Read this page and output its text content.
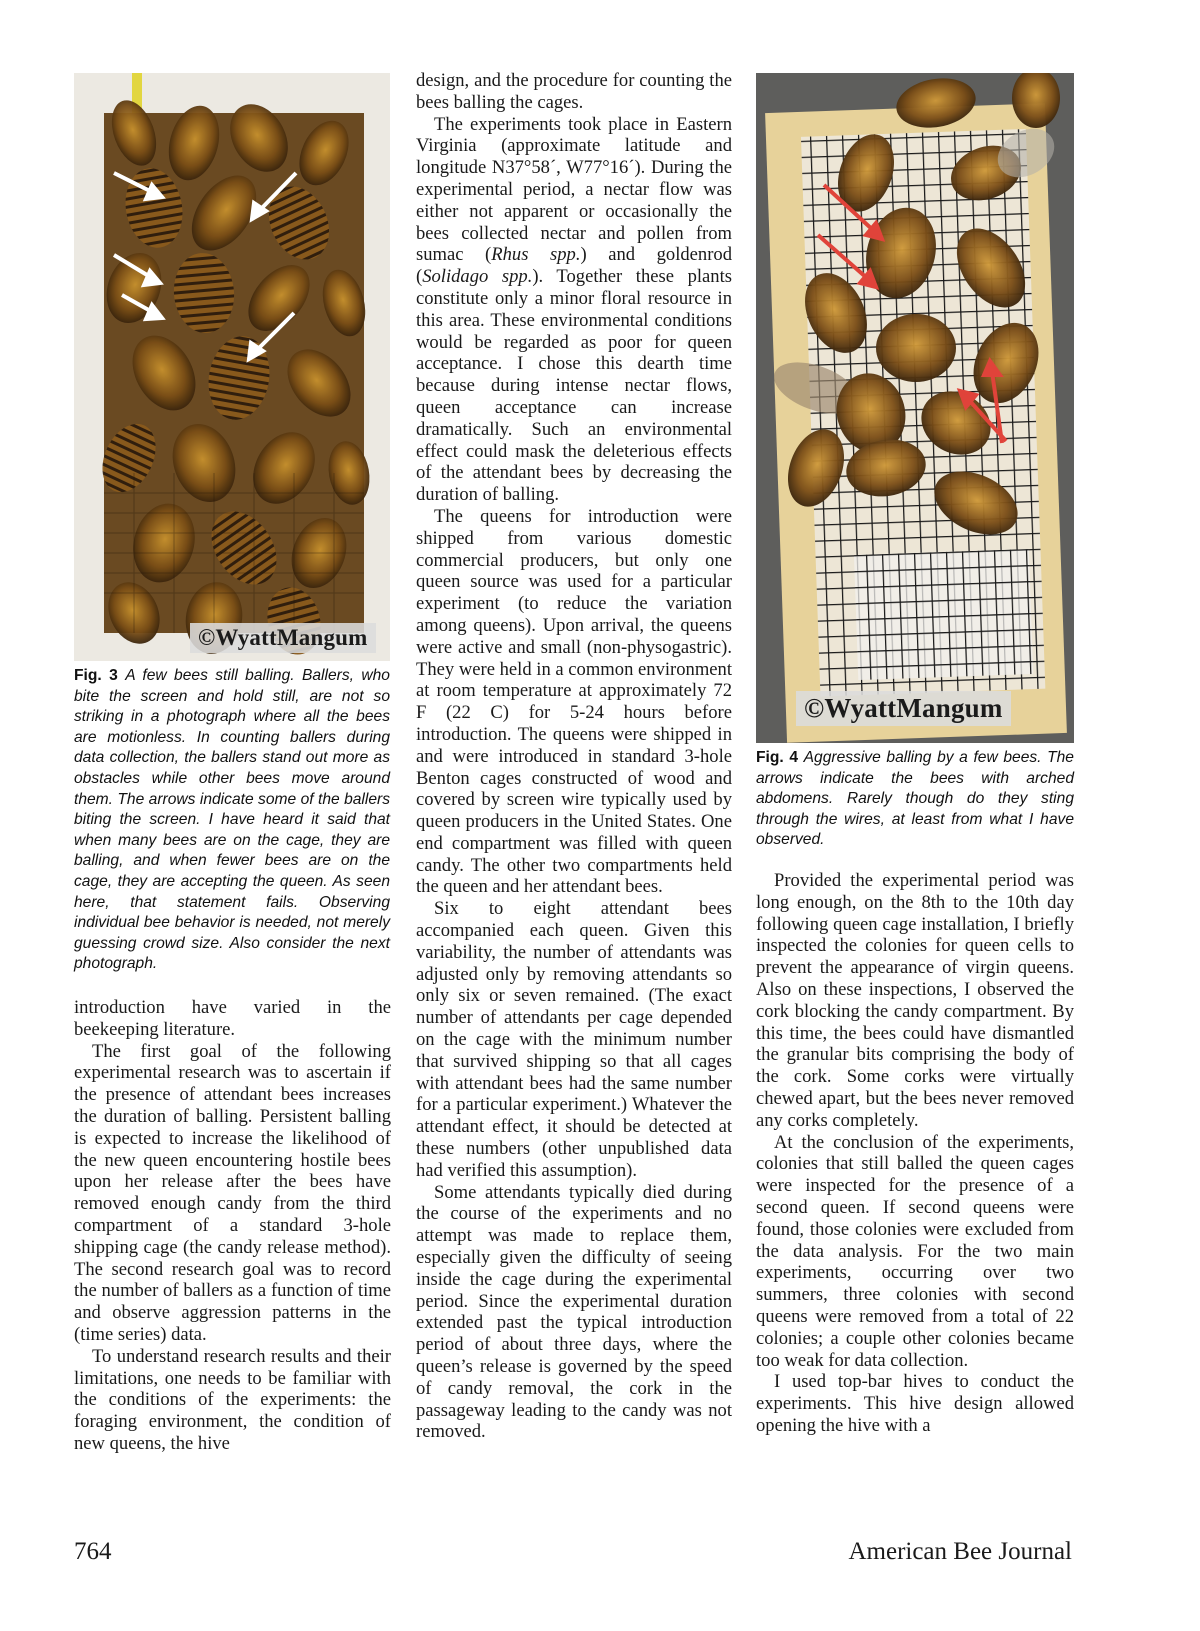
©WyattMangum
Fig. 3 A few bees still balling. Ballers, who bite the screen and hold still, are not so striking in a photograph where all the bees are motionless. In counting ballers during data collection, the ballers stand out more as obstacles while other bees move around them. The arrows indicate some of the ballers biting the screen. I have heard it said that when many bees are on the cage, they are balling, and when fewer bees are on the cage, they are accepting the queen. As seen here, that statement fails. Observing individual bee behavior is needed, not merely guessing crowd size. Also consider the next photograph.

introduction have varied in the beekeeping literature.

The first goal of the following experimental research was to ascertain if the presence of attendant bees increases the duration of balling. Persistent balling is expected to increase the likelihood of the new queen encountering hostile bees upon her release after the bees have removed enough candy from the third compartment of a standard 3-hole shipping cage (the candy release method). The second research goal was to record the number of ballers as a function of time and observe aggression patterns in the (time series) data.

To understand research results and their limitations, one needs to be familiar with the conditions of the experiments: the foraging environment, the condition of new queens, the hive

design, and the procedure for counting the bees balling the cages.

The experiments took place in Eastern Virginia (approximate latitude and longitude N37°58´, W77°16´). During the experimental period, a nectar flow was either not apparent or occasionally the bees collected nectar and pollen from sumac (Rhus spp.) and goldenrod (Solidago spp.). Together these plants constitute only a minor floral resource in this area. These environmental conditions would be regarded as poor for queen acceptance. I chose this dearth time because during intense nectar flows, queen acceptance can increase dramatically. Such an environmental effect could mask the deleterious effects of the attendant bees by decreasing the duration of balling.

The queens for introduction were shipped from various domestic commercial producers, but only one queen source was used for a particular experiment (to reduce the variation among queens). Upon arrival, the queens were active and small (non-physogastric). They were held in a common environment at room temperature at approximately 72 F (22 C) for 5-24 hours before introduction. The queens were shipped in and were introduced in standard 3-hole Benton cages constructed of wood and covered by screen wire typically used by queen producers in the United States. One end compartment was filled with queen candy. The other two compartments held the queen and her attendant bees.

Six to eight attendant bees accompanied each queen. Given this variability, the number of attendants was adjusted only by removing attendants so only six or seven remained. (The exact number of attendants per cage depended on the cage with the minimum number that survived shipping so that all cages with attendant bees had the same number for a particular experiment.) Whatever the attendant effect, it should be detected at these numbers (other unpublished data had verified this assumption).

Some attendants typically died during the course of the experiments and no attempt was made to replace them, especially given the difficulty of seeing inside the cage during the experimental period. Since the experimental duration extended past the typical introduction period of about three days, where the queen’s release is governed by the speed of candy removal, the cork in the passageway leading to the candy was not removed.

©WyattMangum
Fig. 4 Aggressive balling by a few bees. The arrows indicate the bees with arched abdomens. Rarely though do they sting through the wires, at least from what I have observed.

Provided the experimental period was long enough, on the 8th to the 10th day following queen cage installation, I briefly inspected the colonies for queen cells to prevent the appearance of virgin queens. Also on these inspections, I observed the cork blocking the candy compartment. By this time, the bees could have dismantled the granular bits comprising the body of the cork. Some corks were virtually chewed apart, but the bees never removed any corks completely.

At the conclusion of the experiments, colonies that still balled the queen cages were inspected for the presence of a second queen. If second queens were found, those colonies were excluded from the data analysis. For the two main experiments, occurring over two summers, three colonies with second queens were removed from a total of 22 colonies; a couple other colonies became too weak for data collection.

I used top-bar hives to conduct the experiments. This hive design allowed opening the hive with a

764	American Bee Journal
